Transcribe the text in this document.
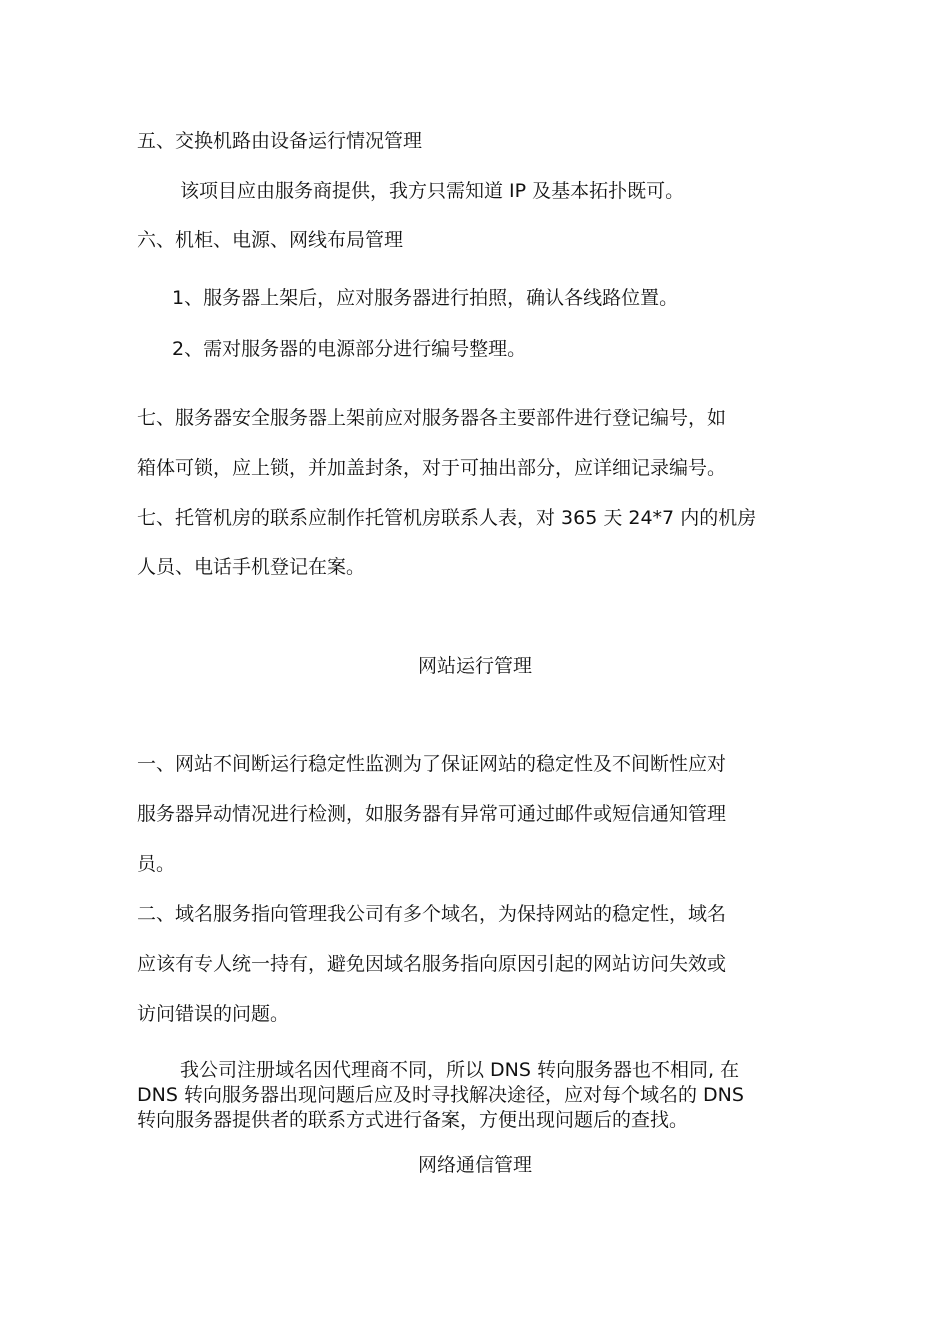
五、交换机路由设备运行情况管理
该项目应由服务商提供，我方只需知道 IP 及基本拓扑既可。
六、机柜、电源、网线布局管理
1、服务器上架后，应对服务器进行拍照，确认各线路位置。
2、需对服务器的电源部分进行编号整理。
七、服务器安全服务器上架前应对服务器各主要部件进行登记编号，如
箱体可锁，应上锁，并加盖封条，对于可抽出部分，应详细记录编号。
七、托管机房的联系应制作托管机房联系人表，对 365 天 24*7 内的机房
人员、电话手机登记在案。
网站运行管理
一、网站不间断运行稳定性监测为了保证网站的稳定性及不间断性应对
服务器异动情况进行检测，如服务器有异常可通过邮件或短信通知管理
员。
二、域名服务指向管理我公司有多个域名，为保持网站的稳定性，域名
应该有专人统一持有，避免因域名服务指向原因引起的网站访问失效或
访问错误的问题。
我公司注册域名因代理商不同，所以 DNS 转向服务器也不相同, 在
DNS 转向服务器出现问题后应及时寻找解决途径，应对每个域名的 DNS
转向服务器提供者的联系方式进行备案，方便出现问题后的查找。
网络通信管理
